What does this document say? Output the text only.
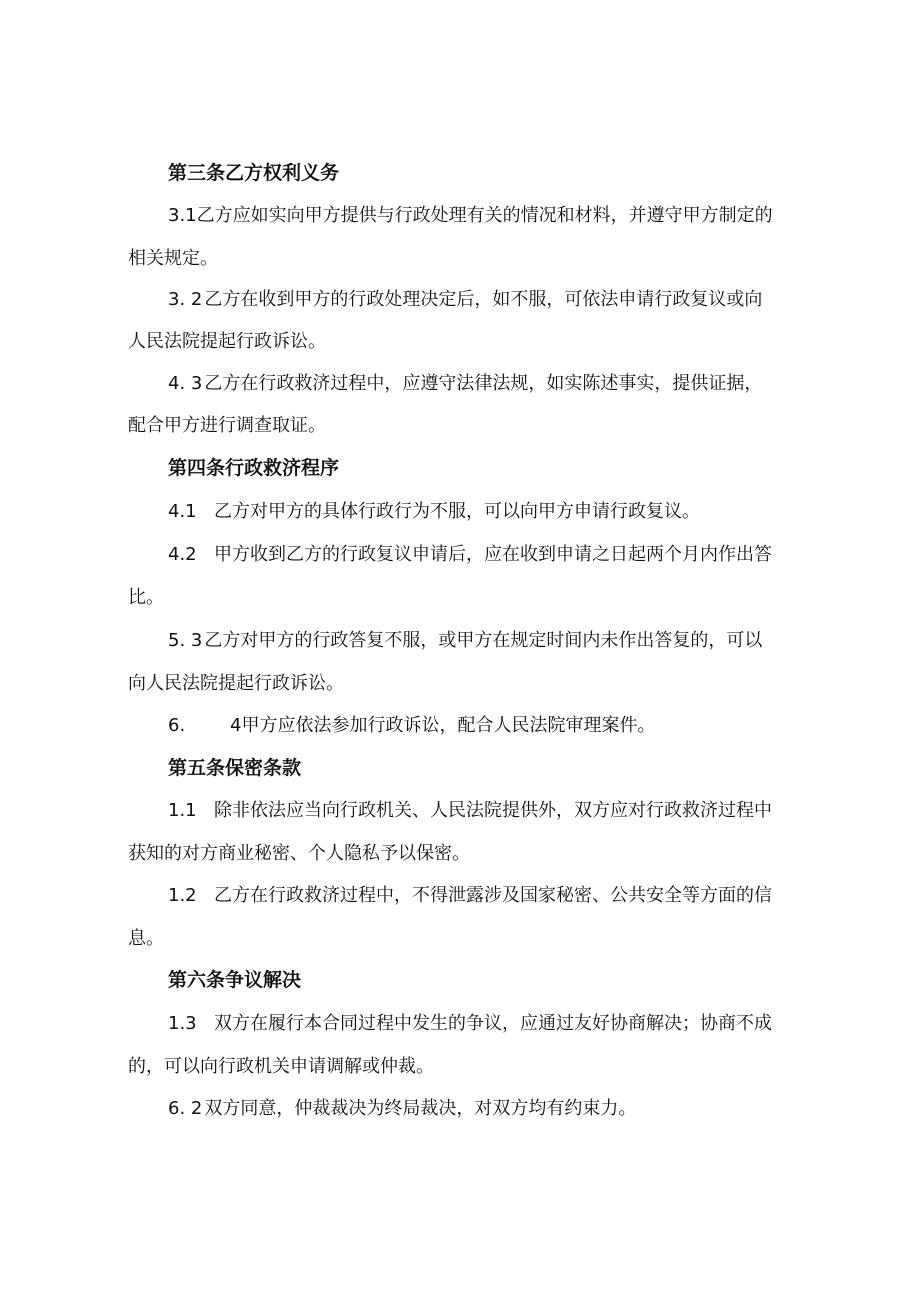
第三条乙方权利义务
3.1乙方应如实向甲方提供与行政处理有关的情况和材料，并遵守甲方制定的
相关规定。
3. 2 乙方在收到甲方的行政处理决定后，如不服，可依法申请行政复议或向
人民法院提起行政诉讼。
4. 3 乙方在行政救济过程中，应遵守法律法规，如实陈述事实，提供证据，
配合甲方进行调查取证。
第四条行政救济程序
4.1 乙方对甲方的具体行政行为不服，可以向甲方申请行政复议。
4.2 甲方收到乙方的行政复议申请后，应在收到申请之日起两个月内作出答
比。
5. 3 乙方对甲方的行政答复不服，或甲方在规定时间内未作出答复的，可以
向人民法院提起行政诉讼。
6. 4甲方应依法参加行政诉讼，配合人民法院审理案件。
第五条保密条款
1.1 除非依法应当向行政机关、人民法院提供外，双方应对行政救济过程中
获知的对方商业秘密、个人隐私予以保密。
1.2 乙方在行政救济过程中，不得泄露涉及国家秘密、公共安全等方面的信
息。
第六条争议解决
1.3 双方在履行本合同过程中发生的争议，应通过友好协商解决；协商不成
的，可以向行政机关申请调解或仲裁。
6. 2 双方同意，仲裁裁决为终局裁决，对双方均有约束力。
